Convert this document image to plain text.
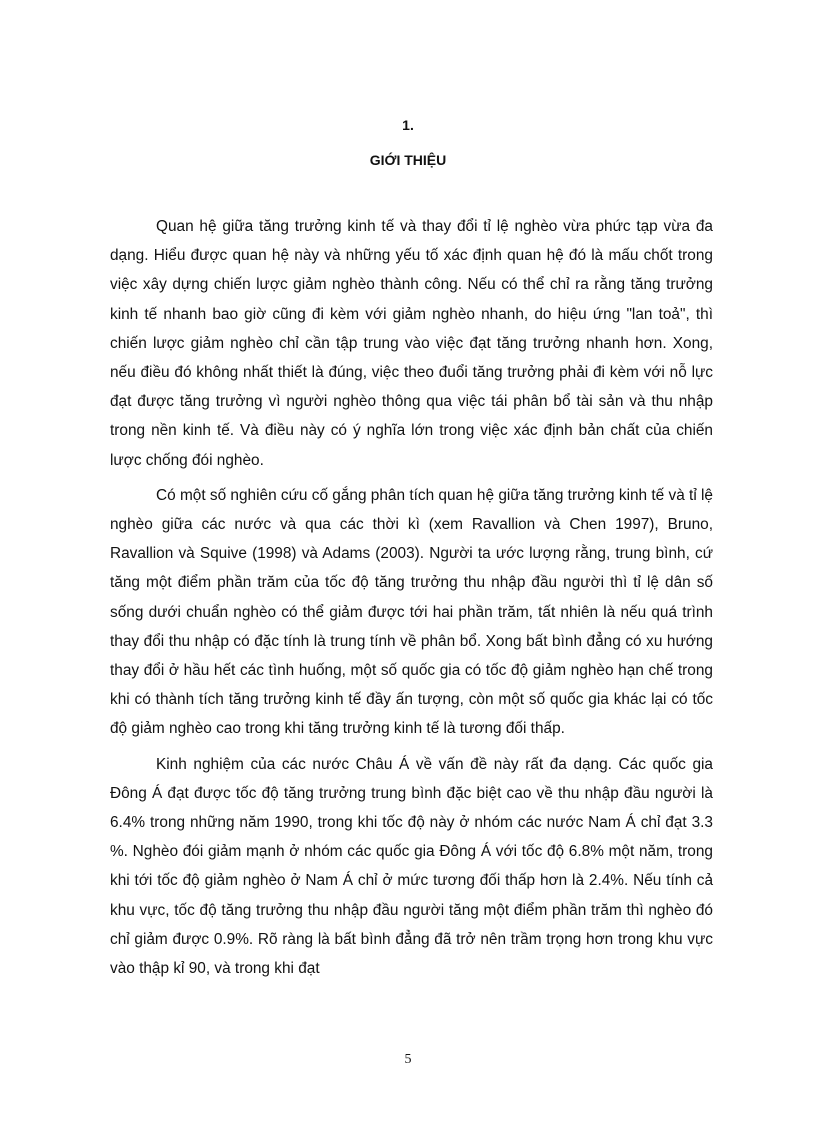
1.
GIỚI THIỆU

Quan hệ giữa tăng trưởng kinh tế và thay đổi tỉ lệ nghèo vừa phức tạp vừa đa dạng. Hiểu được quan hệ này và những yếu tố xác định quan hệ đó là mấu chốt trong việc xây dựng chiến lược giảm nghèo thành công. Nếu có thể chỉ ra rằng tăng trưởng kinh tế nhanh bao giờ cũng đi kèm với giảm nghèo nhanh, do hiệu ứng "lan toả", thì chiến lược giảm nghèo chỉ cần tập trung vào việc đạt tăng trưởng nhanh hơn. Xong, nếu điều đó không nhất thiết là đúng, việc theo đuổi tăng trưởng phải đi kèm với nỗ lực đạt được tăng trưởng vì người nghèo thông qua việc tái phân bổ tài sản và thu nhập trong nền kinh tế. Và điều này có ý nghĩa lớn trong việc xác định bản chất của chiến lược chống đói nghèo.

Có một số nghiên cứu cố gắng phân tích quan hệ giữa tăng trưởng kinh tế và tỉ lệ nghèo giữa các nước và qua các thời kì (xem Ravallion và Chen 1997), Bruno, Ravallion và Squive (1998) và Adams (2003). Người ta ước lượng rằng, trung bình, cứ tăng một điểm phần trăm của tốc độ tăng trưởng thu nhập đầu người thì tỉ lệ dân số sống dưới chuẩn nghèo có thể giảm được tới hai phần trăm, tất nhiên là nếu quá trình thay đổi thu nhập có đặc tính là trung tính về phân bổ. Xong bất bình đẳng có xu hướng thay đổi ở hầu hết các tình huống, một số quốc gia có tốc độ giảm nghèo hạn chế trong khi có thành tích tăng trưởng kinh tế đầy ấn tượng, còn một số quốc gia khác lại có tốc độ giảm nghèo cao trong khi tăng trưởng kinh tế là tương đối thấp.

Kinh nghiệm của các nước Châu Á về vấn đề này rất đa dạng. Các quốc gia Đông Á đạt được tốc độ tăng trưởng trung bình đặc biệt cao về thu nhập đầu người là 6.4% trong những năm 1990, trong khi tốc độ này ở nhóm các nước Nam Á chỉ đạt 3.3 %. Nghèo đói giảm mạnh ở nhóm các quốc gia Đông Á với tốc độ 6.8% một năm, trong khi tới tốc độ giảm nghèo ở Nam Á chỉ ở mức tương đối thấp hơn là 2.4%. Nếu tính cả khu vực, tốc độ tăng trưởng thu nhập đầu người tăng một điểm phần trăm thì nghèo đó chỉ giảm được 0.9%. Rõ ràng là bất bình đẳng đã trở nên trầm trọng hơn trong khu vực vào thập kỉ 90, và trong khi đạt

5
